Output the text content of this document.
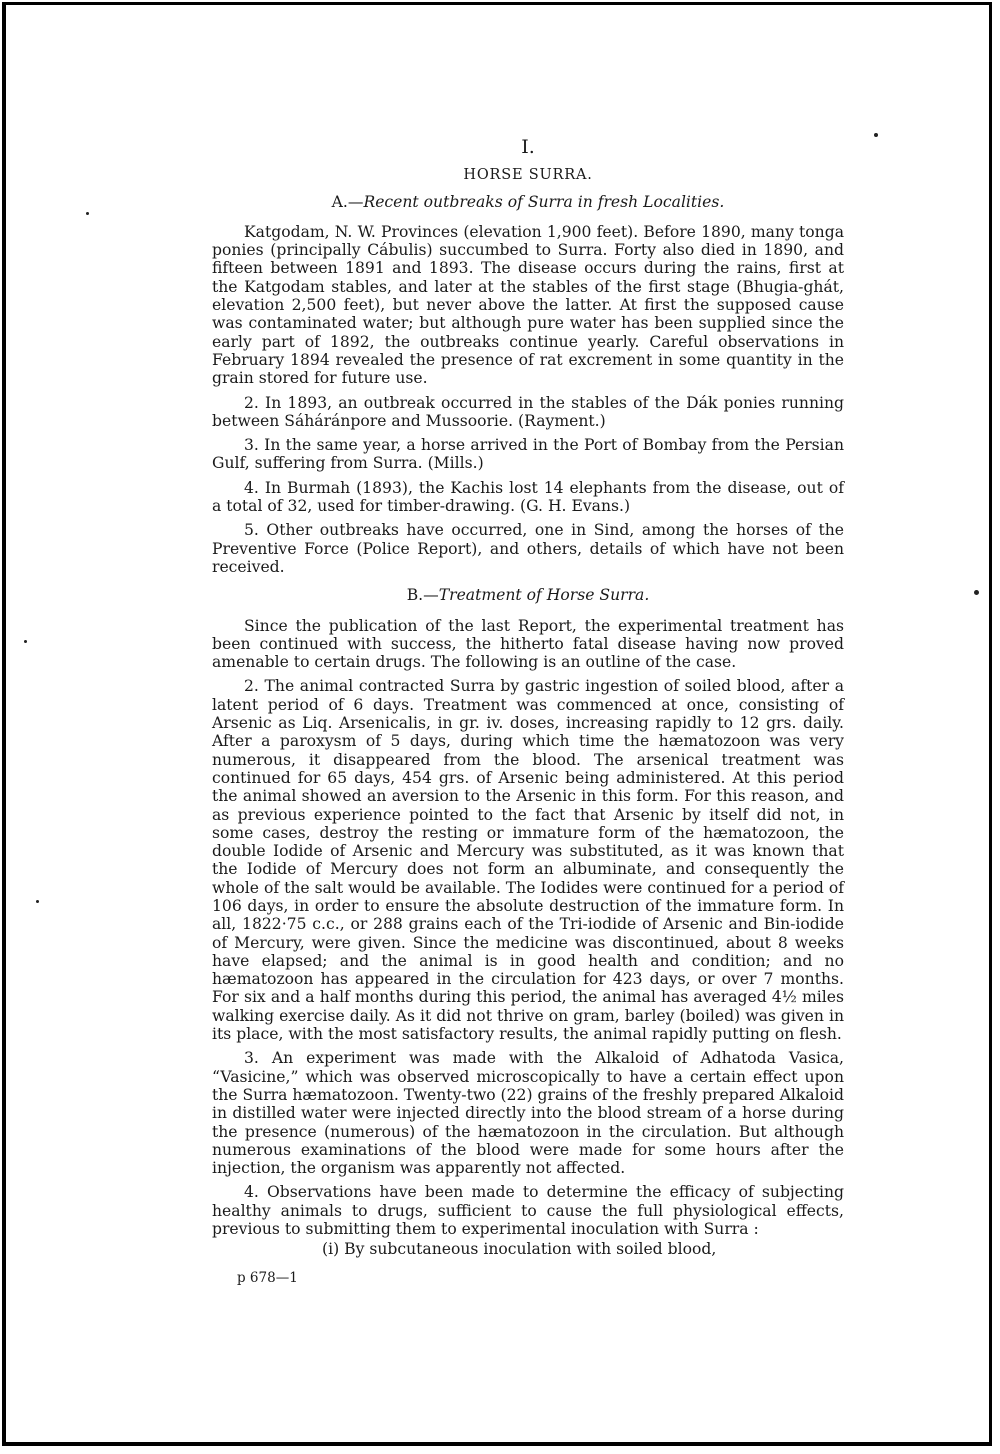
I.
HORSE SURRA.
A.—Recent outbreaks of Surra in fresh Localities.

Katgodam, N. W. Provinces (elevation 1,900 feet). Before 1890, many tonga ponies (principally Cábulis) succumbed to Surra. Forty also died in 1890, and fifteen between 1891 and 1893. The disease occurs during the rains, first at the Katgodam stables, and later at the stables of the first stage (Bhugia-ghát, elevation 2,500 feet), but never above the latter. At first the supposed cause was contaminated water; but although pure water has been supplied since the early part of 1892, the outbreaks continue yearly. Careful observations in February 1894 revealed the presence of rat excrement in some quantity in the grain stored for future use.

2. In 1893, an outbreak occurred in the stables of the Dák ponies running between Sáháránpore and Mussoorie. (Rayment.)

3. In the same year, a horse arrived in the Port of Bombay from the Persian Gulf, suffering from Surra. (Mills.)

4. In Burmah (1893), the Kachis lost 14 elephants from the disease, out of a total of 32, used for timber-drawing. (G. H. Evans.)

5. Other outbreaks have occurred, one in Sind, among the horses of the Preventive Force (Police Report), and others, details of which have not been received.

B.—Treatment of Horse Surra.

Since the publication of the last Report, the experimental treatment has been continued with success, the hitherto fatal disease having now proved amenable to certain drugs. The following is an outline of the case.

2. The animal contracted Surra by gastric ingestion of soiled blood, after a latent period of 6 days. Treatment was commenced at once, consisting of Arsenic as Liq. Arsenicalis, in gr. iv. doses, increasing rapidly to 12 grs. daily. After a paroxysm of 5 days, during which time the hæmatozoon was very numerous, it disappeared from the blood. The arsenical treatment was continued for 65 days, 454 grs. of Arsenic being administered. At this period the animal showed an aversion to the Arsenic in this form. For this reason, and as previous experience pointed to the fact that Arsenic by itself did not, in some cases, destroy the resting or immature form of the hæmatozoon, the double Iodide of Arsenic and Mercury was substituted, as it was known that the Iodide of Mercury does not form an albuminate, and consequently the whole of the salt would be available. The Iodides were continued for a period of 106 days, in order to ensure the absolute destruction of the immature form. In all, 1822·75 c.c., or 288 grains each of the Tri-iodide of Arsenic and Bin-iodide of Mercury, were given. Since the medicine was discontinued, about 8 weeks have elapsed; and the animal is in good health and condition; and no hæmatozoon has appeared in the circulation for 423 days, or over 7 months. For six and a half months during this period, the animal has averaged 4½ miles walking exercise daily. As it did not thrive on gram, barley (boiled) was given in its place, with the most satisfactory results, the animal rapidly putting on flesh.

3. An experiment was made with the Alkaloid of Adhatoda Vasica, “Vasicine,” which was observed microscopically to have a certain effect upon the Surra hæmatozoon. Twenty-two (22) grains of the freshly prepared Alkaloid in distilled water were injected directly into the blood stream of a horse during the presence (numerous) of the hæmatozoon in the circulation. But although numerous examinations of the blood were made for some hours after the injection, the organism was apparently not affected.

4. Observations have been made to determine the efficacy of subjecting healthy animals to drugs, sufficient to cause the full physiological effects, previous to submitting them to experimental inoculation with Surra :

(i) By subcutaneous inoculation with soiled blood,

p 678—1
